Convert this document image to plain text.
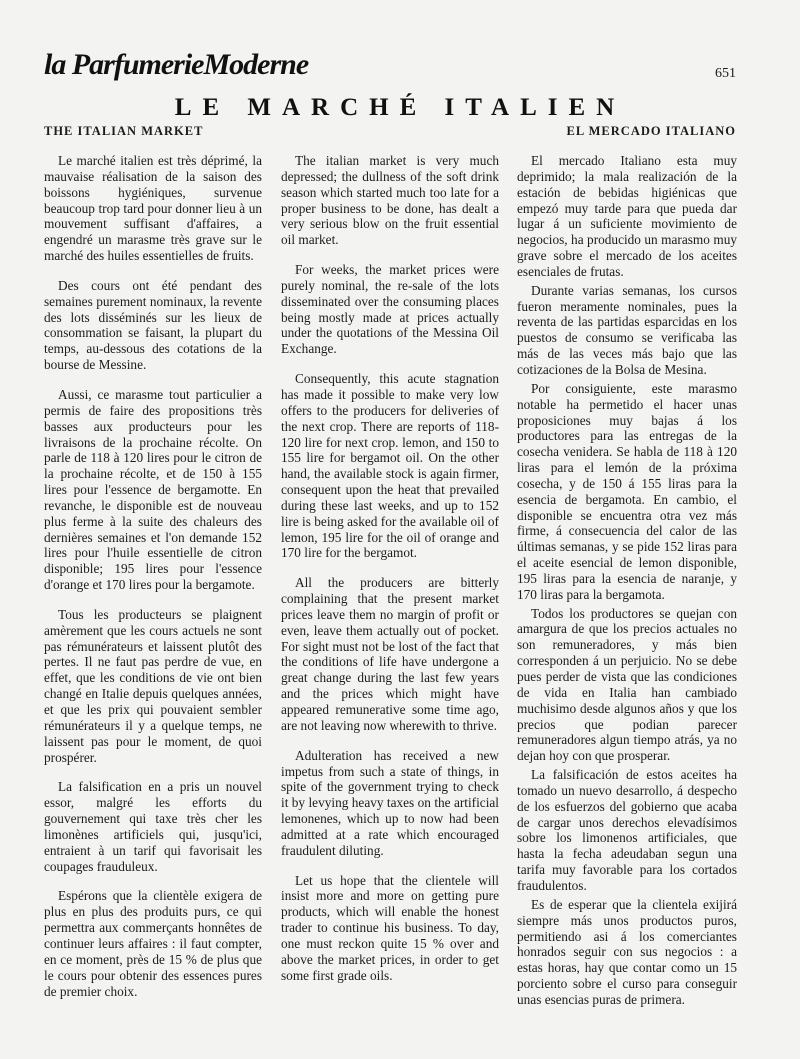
la ParfumerieModerne	651
LE MARCHÉ ITALIEN
THE ITALIAN MARKET	EL MERCADO ITALIANO

Le marché italien est très déprimé, la mauvaise réalisation de la saison des boissons hygiéniques, survenue beaucoup trop tard pour donner lieu à un mouvement suffisant d'affaires, a engendré un marasme très grave sur le marché des huiles essentielles de fruits.

Des cours ont été pendant des semaines purement nominaux, la revente des lots disséminés sur les lieux de consommation se faisant, la plupart du temps, au-dessous des cotations de la bourse de Messine.

Aussi, ce marasme tout particulier a permis de faire des propositions très basses aux producteurs pour les livraisons de la prochaine récolte. On parle de 118 à 120 lires pour le citron de la prochaine récolte, et de 150 à 155 lires pour l'essence de bergamotte. En revanche, le disponible est de nouveau plus ferme à la suite des chaleurs des dernières semaines et l'on demande 152 lires pour l'huile essentielle de citron disponible; 195 lires pour l'essence d'orange et 170 lires pour la bergamote.

Tous les producteurs se plaignent amèrement que les cours actuels ne sont pas rémunérateurs et laissent plutôt des pertes. Il ne faut pas perdre de vue, en effet, que les conditions de vie ont bien changé en Italie depuis quelques années, et que les prix qui pouvaient sembler rémunérateurs il y a quelque temps, ne laissent pas pour le moment, de quoi prospérer.

La falsification en a pris un nouvel essor, malgré les efforts du gouvernement qui taxe très cher les limonènes artificiels qui, jusqu'ici, entraient à un tarif qui favorisait les coupages frauduleux.

Espérons que la clientèle exigera de plus en plus des produits purs, ce qui permettra aux commerçants honnêtes de continuer leurs affaires : il faut compter, en ce moment, près de 15 % de plus que le cours pour obtenir des essences pures de premier choix.

The italian market is very much depressed; the dullness of the soft drink season which started much too late for a proper business to be done, has dealt a very serious blow on the fruit essential oil market.

For weeks, the market prices were purely nominal, the re-sale of the lots disseminated over the consuming places being mostly made at prices actually under the quotations of the Messina Oil Exchange.

Consequently, this acute stagnation has made it possible to make very low offers to the producers for deliveries of the next crop. There are reports of 118-120 lire for next crop. lemon, and 150 to 155 lire for bergamot oil. On the other hand, the available stock is again firmer, consequent upon the heat that prevailed during these last weeks, and up to 152 lire is being asked for the available oil of lemon, 195 lire for the oil of orange and 170 lire for the bergamot.

All the producers are bitterly complaining that the present market prices leave them no margin of profit or even, leave them actually out of pocket. For sight must not be lost of the fact that the conditions of life have undergone a great change during the last few years and the prices which might have appeared remunerative some time ago, are not leaving now wherewith to thrive.

Adulteration has received a new impetus from such a state of things, in spite of the government trying to check it by levying heavy taxes on the artificial lemonenes, which up to now had been admitted at a rate which encouraged fraudulent diluting.

Let us hope that the clientele will insist more and more on getting pure products, which will enable the honest trader to continue his business. To day, one must reckon quite 15 % over and above the market prices, in order to get some first grade oils.

El mercado Italiano esta muy deprimido; la mala realización de la estación de bebidas higiénicas que empezó muy tarde para que pueda dar lugar á un suficiente movimiento de negocios, ha producido un marasmo muy grave sobre el mercado de los aceites esenciales de frutas.

Durante varias semanas, los cursos fueron meramente nominales, pues la reventa de las partidas esparcidas en los puestos de consumo se verificaba las más de las veces más bajo que las cotizaciones de la Bolsa de Mesina.

Por consiguiente, este marasmo notable ha permetido el hacer unas proposiciones muy bajas á los productores para las entregas de la cosecha venidera. Se habla de 118 à 120 liras para el lemón de la próxima cosecha, y de 150 á 155 liras para la esencia de bergamota. En cambio, el disponible se encuentra otra vez más firme, á consecuencia del calor de las últimas semanas, y se pide 152 liras para el aceite esencial de lemon disponible, 195 liras para la esencia de naranje, y 170 liras para la bergamota.

Todos los productores se quejan con amargura de que los precios actuales no son remuneradores, y más bien corresponden á un perjuicio. No se debe pues perder de vista que las condiciones de vida en Italia han cambiado muchisimo desde algunos años y que los precios que podian parecer remuneradores algun tiempo atrás, ya no dejan hoy con que prosperar.

La falsificación de estos aceites ha tomado un nuevo desarrollo, á despecho de los esfuerzos del gobierno que acaba de cargar unos derechos elevadísimos sobre los limonenos artificiales, que hasta la fecha adeudaban segun una tarifa muy favorable para los cortados fraudulentos.

Es de esperar que la clientela exijirá siempre más unos productos puros, permitiendo asi á los comerciantes honrados seguir con sus negocios : a estas horas, hay que contar como un 15 porciento sobre el curso para conseguir unas esencias puras de primera.
